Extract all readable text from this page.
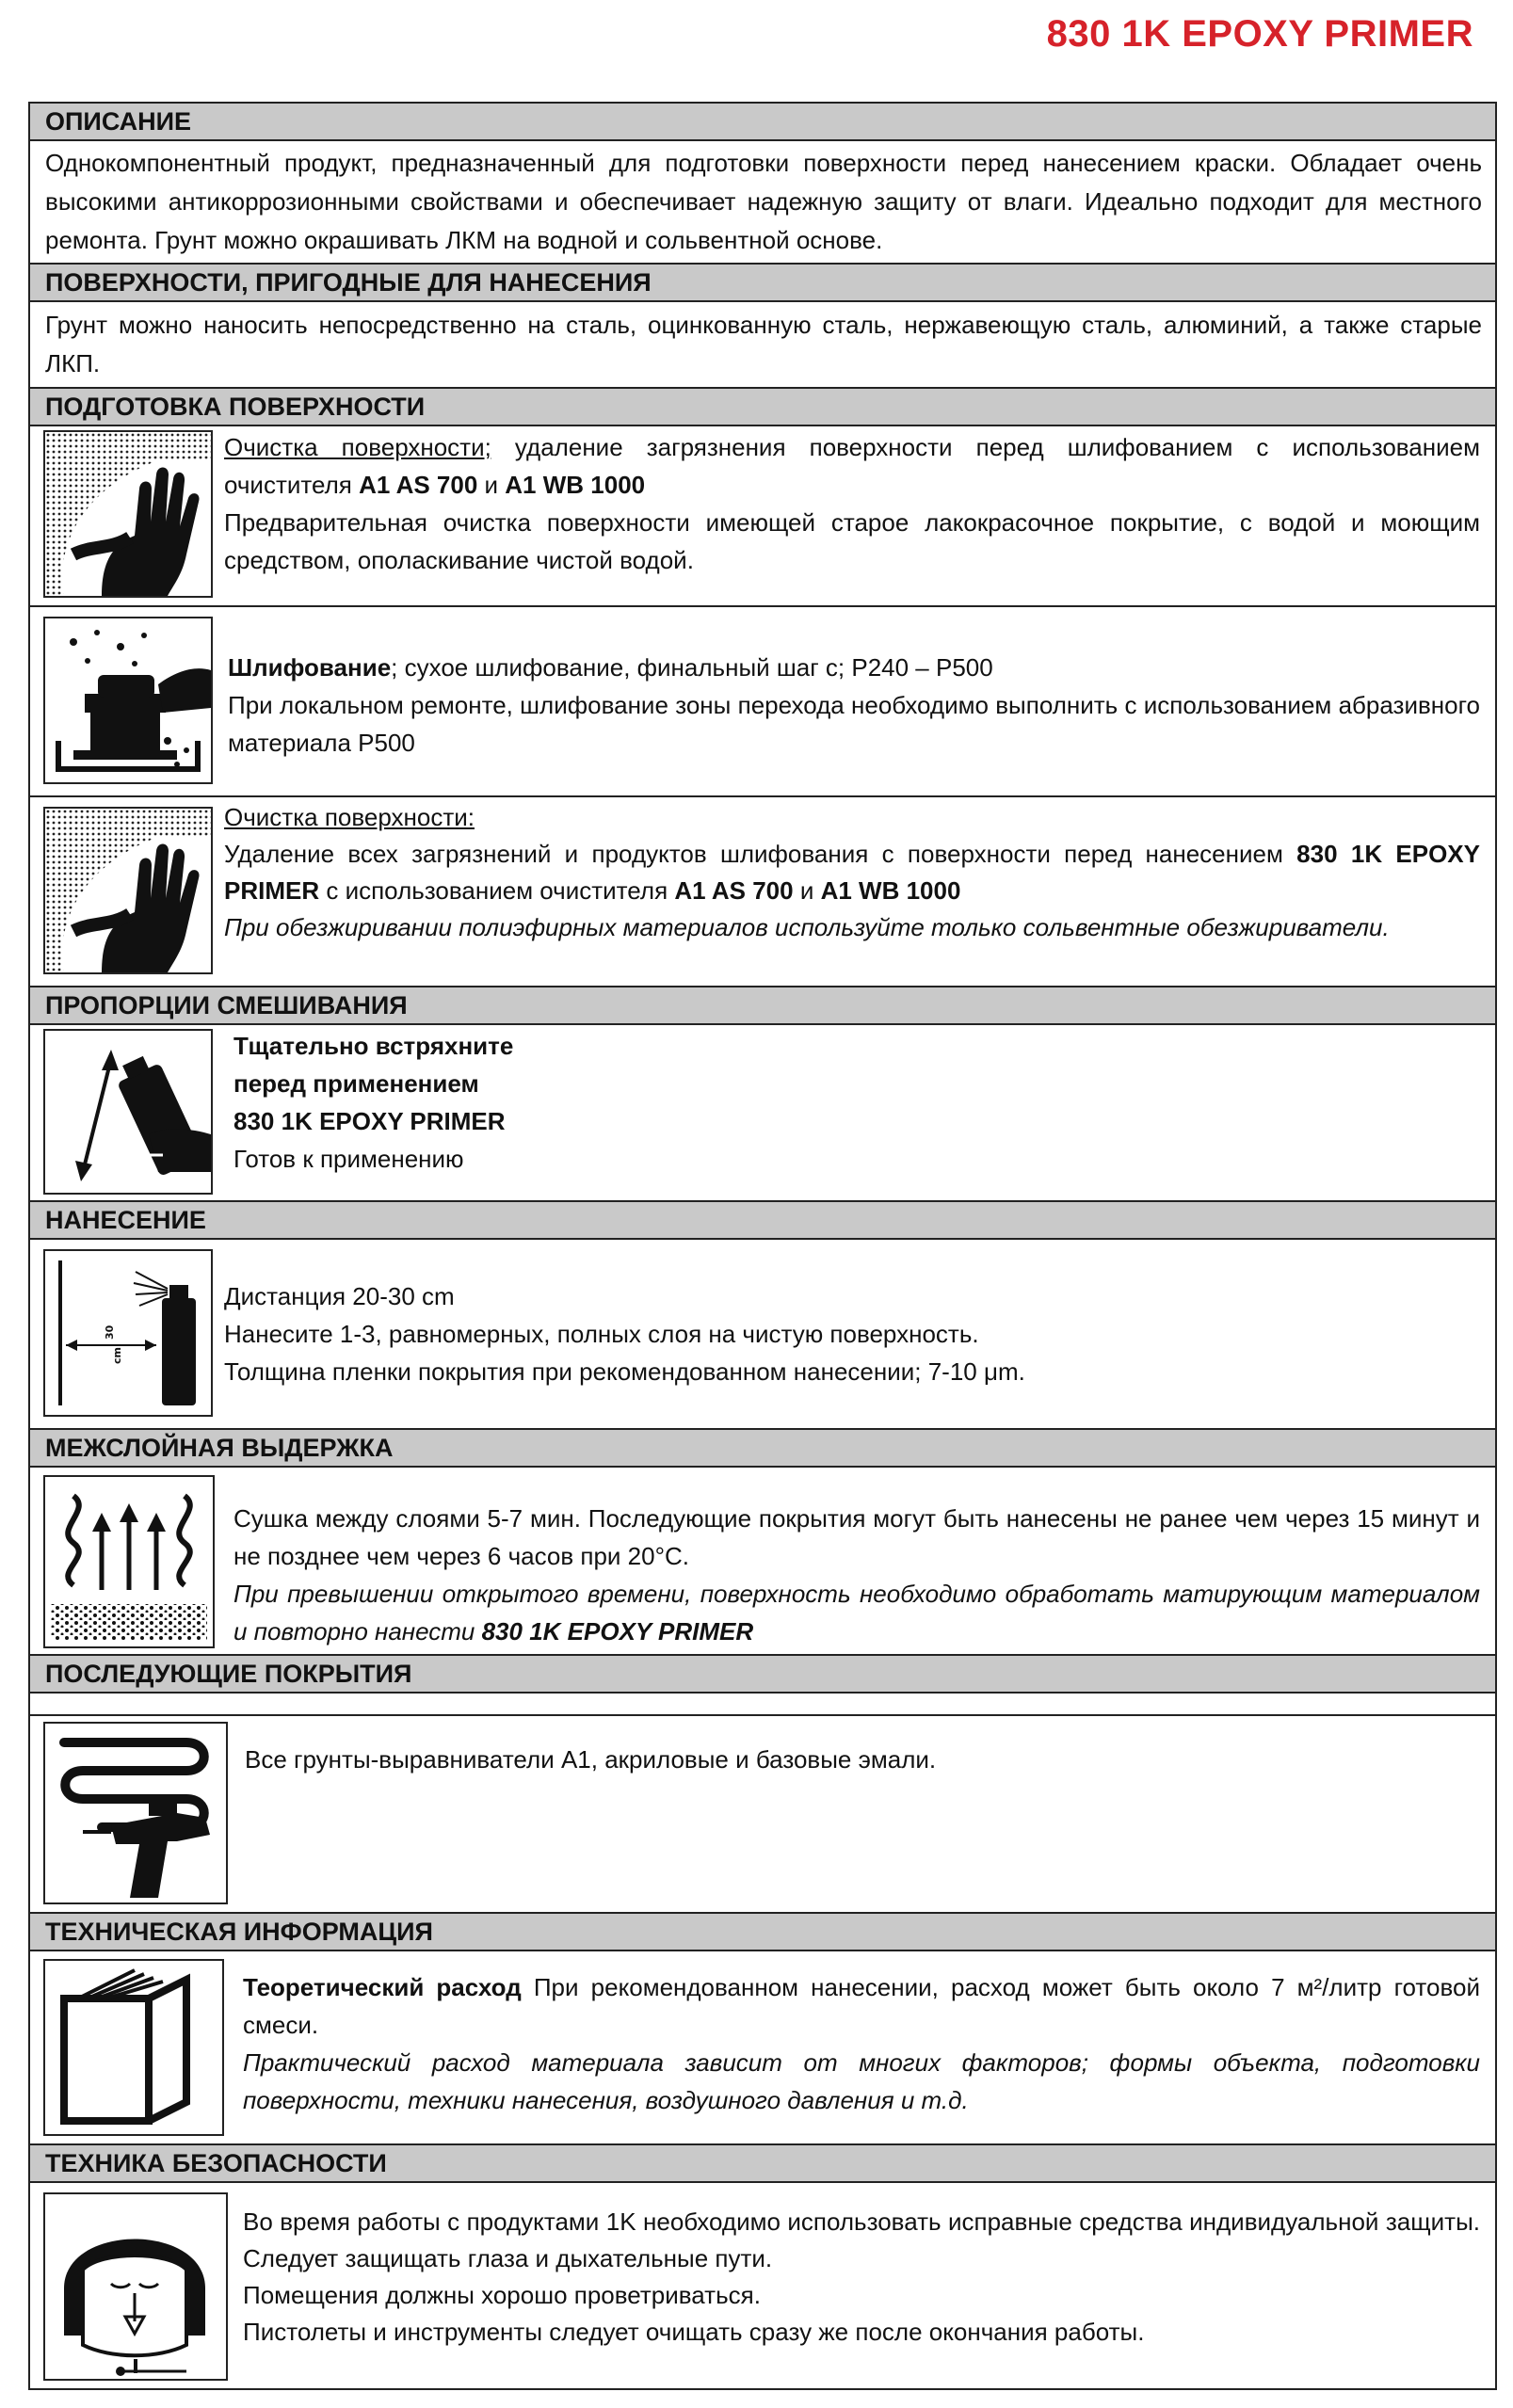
830 1K EPOXY PRIMER
ОПИСАНИЕ
Однокомпонентный продукт, предназначенный для подготовки поверхности перед нанесением краски. Обладает очень высокими антикоррозионными свойствами и обеспечивает надежную защиту от влаги. Идеально подходит для местного ремонта. Грунт можно окрашивать ЛКМ на водной и сольвентной основе.
ПОВЕРХНОСТИ, ПРИГОДНЫЕ ДЛЯ НАНЕСЕНИЯ
Грунт можно наносить непосредственно на сталь, оцинкованную сталь, нержавеющую сталь, алюминий, а также старые ЛКП.
ПОДГОТОВКА ПОВЕРХНОСТИ
Очистка поверхности; удаление загрязнения поверхности перед шлифованием с использованием очистителя A1 AS 700 и A1 WB 1000
Предварительная очистка поверхности имеющей старое лакокрасочное покрытие, с водой и моющим средством, ополаскивание чистой водой.
Шлифование; сухое шлифование, финальный шаг с; P240 – P500
При локальном ремонте, шлифование зоны перехода необходимо выполнить с использованием абразивного материала P500
Очистка поверхности:
Удаление всех загрязнений и продуктов шлифования с поверхности перед нанесением 830 1K EPOXY PRIMER с использованием очистителя A1 AS 700 и A1 WB 1000
При обезжиривании полиэфирных материалов используйте только сольвентные обезжириватели.
ПРОПОРЦИИ СМЕШИВАНИЯ
Тщательно встряхните
перед применением
830 1K EPOXY PRIMER
Готов к применению
НАНЕСЕНИЕ
30
cm
Дистанция 20-30 cm
Нанесите 1-3, равномерных, полных слоя на чистую поверхность.
Толщина пленки покрытия при рекомендованном нанесении; 7-10 μm.
МЕЖСЛОЙНАЯ ВЫДЕРЖКА
Сушка между слоями 5-7 мин. Последующие покрытия могут быть нанесены не ранее чем через 15 минут и не позднее чем через 6 часов при 20°C.
При превышении открытого времени, поверхность необходимо обработать матирующим материалом и повторно нанести 830 1K EPOXY PRIMER
ПОСЛЕДУЮЩИЕ ПОКРЫТИЯ
Все грунты-выравниватели A1, акриловые и базовые эмали.
ТЕХНИЧЕСКАЯ ИНФОРМАЦИЯ
Теоретический расход При рекомендованном нанесении, расход может быть около 7 м²/литр готовой смеси.
Практический расход материала зависит от многих факторов; формы объекта, подготовки поверхности, техники нанесения, воздушного давления и т.д.
ТЕХНИКА БЕЗОПАСНОСТИ
Во время работы с продуктами 1K необходимо использовать исправные средства индивидуальной защиты. Следует защищать глаза и дыхательные пути.
Помещения должны хорошо проветриваться.
Пистолеты и инструменты следует очищать сразу же после окончания работы.
